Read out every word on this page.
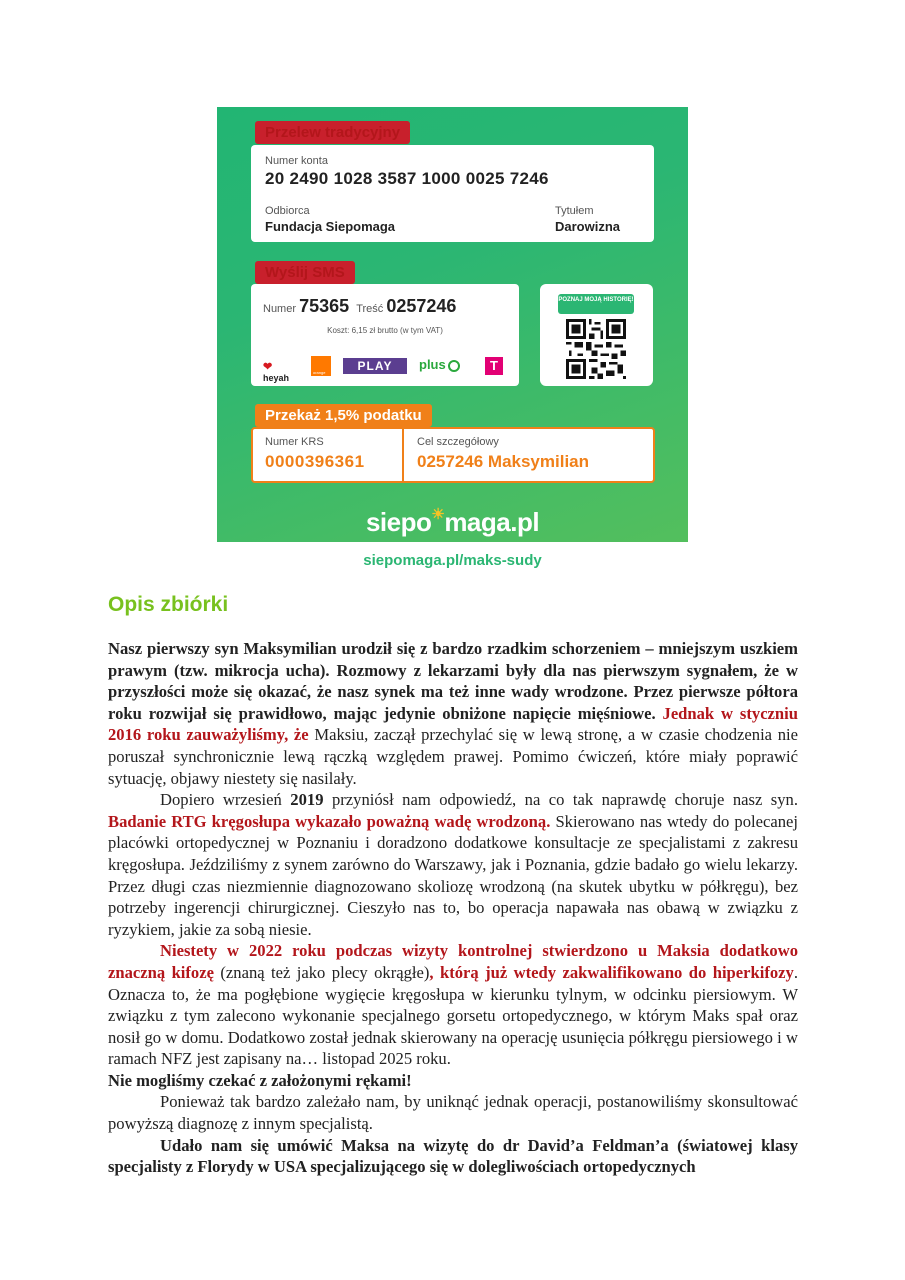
Numer konta
20 2490 1028 3587 1000 0025 7246
Odbiorca
Fundacja Siepomaga
Tytułem
Darowizna
Przelew tradycyjny
Numer 75365 Treść 0257246
Koszt: 6,15 zł brutto (w tym VAT)
❤
heyah
orange	PLAY	plus	T
Wyślij SMS
POZNAJ MOJĄ HISTORIĘ!
Numer KRS
0000396361
Cel szczegółowy
0257246 Maksymilian
Przekaż 1,5% podatku
siepo☀maga.pl
siepomaga.pl/maks-sudy
Opis zbiórki

Nasz pierwszy syn Maksymilian urodził się z bardzo rzadkim schorzeniem – mniejszym uszkiem prawym (tzw. mikrocja ucha). Rozmowy z lekarzami były dla nas pierwszym sygnałem, że w przyszłości może się okazać, że nasz synek ma też inne wady wrodzone. Przez pierwsze półtora roku rozwijał się prawidłowo, mając jedynie obniżone napięcie mięśniowe. Jednak w styczniu 2016 roku zauważyliśmy, że Maksiu, zaczął przechylać się w lewą stronę, a w czasie chodzenia nie poruszał synchronicznie lewą rączką względem prawej. Pomimo ćwiczeń, które miały poprawić sytuację, objawy niestety się nasilały.

Dopiero wrzesień 2019 przyniósł nam odpowiedź, na co tak naprawdę choruje nasz syn. Badanie RTG kręgosłupa wykazało poważną wadę wrodzoną. Skierowano nas wtedy do polecanej placówki ortopedycznej w Poznaniu i doradzono dodatkowe konsultacje ze specjalistami z zakresu kręgosłupa. Jeździliśmy z synem zarówno do Warszawy, jak i Poznania, gdzie badało go wielu lekarzy. Przez długi czas niezmiennie diagnozowano skoliozę wrodzoną (na skutek ubytku w półkręgu), bez potrzeby ingerencji chirurgicznej. Cieszyło nas to, bo operacja napawała nas obawą w związku z ryzykiem, jakie za sobą niesie.

Niestety w 2022 roku podczas wizyty kontrolnej stwierdzono u Maksia dodatkowo znaczną kifozę (znaną też jako plecy okrągłe), którą już wtedy zakwalifikowano do hiperkifozy. Oznacza to, że ma pogłębione wygięcie kręgosłupa w kierunku tylnym, w odcinku piersiowym. W związku z tym zalecono wykonanie specjalnego gorsetu ortopedycznego, w którym Maks spał oraz nosił go w domu. Dodatkowo został jednak skierowany na operację usunięcia półkręgu piersiowego i w ramach NFZ jest zapisany na… listopad 2025 roku.

Nie mogliśmy czekać z założonymi rękami!

Ponieważ tak bardzo zależało nam, by uniknąć jednak operacji, postanowiliśmy skonsultować powyższą diagnozę z innym specjalistą.

Udało nam się umówić Maksa na wizytę do dr David’a Feldman’a (światowej klasy specjalisty z Florydy w USA specjalizującego się w dolegliwościach ortopedycznych
